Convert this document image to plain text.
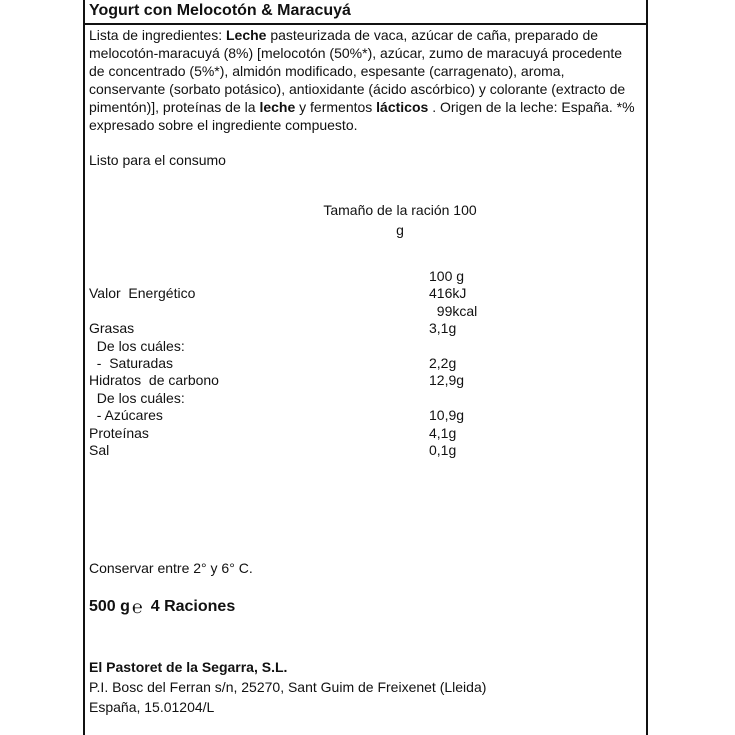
Yogurt con Melocotón & Maracuyá
Lista de ingredientes: Leche pasteurizada de vaca, azúcar de caña, preparado de melocotón-maracuyá (8%) [melocotón (50%*), azúcar, zumo de maracuyá procedente de concentrado (5%*), almidón modificado, espesante (carragenato), aroma, conservante (sorbato potásico), antioxidante (ácido ascórbico) y colorante (extracto de pimentón)], proteínas de la leche y fermentos lácticos . Origen de la leche: España. *% expresado sobre el ingrediente compuesto.
Listo para el consumo
Tamaño de la ración 100
g
100 g
Valor  Energético	416kJ
99kcal
Grasas	3,1g
De los cuáles:
-  Saturadas	2,2g
Hidratos  de carbono	12,9g
De los cuáles:
- Azúcares	10,9g
Proteínas	4,1g
Sal	0,1g
Conservar entre 2° y 6° C.
500 g ℮ 4 Raciones
El Pastoret de la Segarra, S.L.
P.I. Bosc del Ferran s/n, 25270, Sant Guim de Freixenet (Lleida)
España, 15.01204/L
